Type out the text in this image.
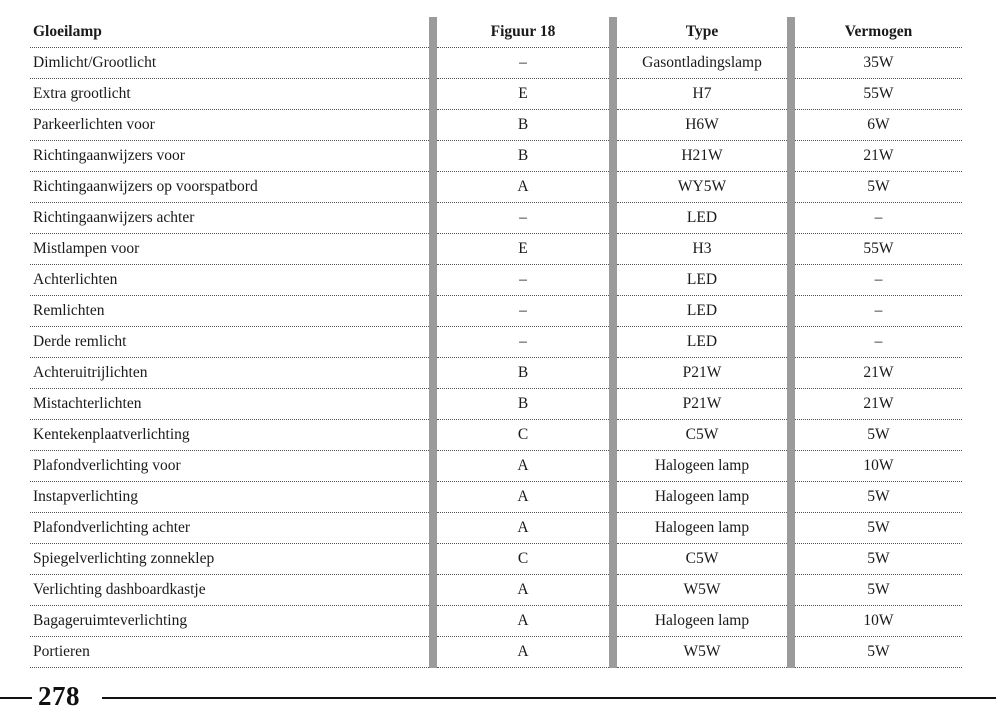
Gloeilamp		Figuur 18		Type		Vermogen
Dimlicht/Grootlicht		–		Gasontladingslamp		35W
Extra grootlicht		E		H7		55W
Parkeerlichten voor		B		H6W		6W
Richtingaanwijzers voor		B		H21W		21W
Richtingaanwijzers op voorspatbord		A		WY5W		5W
Richtingaanwijzers achter		–		LED		–
Mistlampen voor		E		H3		55W
Achterlichten		–		LED		–
Remlichten		–		LED		–
Derde remlicht		–		LED		–
Achteruitrijlichten		B		P21W		21W
Mistachterlichten		B		P21W		21W
Kentekenplaatverlichting		C		C5W		5W
Plafondverlichting voor		A		Halogeen lamp		10W
Instapverlichting		A		Halogeen lamp		5W
Plafondverlichting achter		A		Halogeen lamp		5W
Spiegelverlichting zonneklep		C		C5W		5W
Verlichting dashboardkastje		A		W5W		5W
Bagageruimteverlichting		A		Halogeen lamp		10W
Portieren		A		W5W		5W
278
